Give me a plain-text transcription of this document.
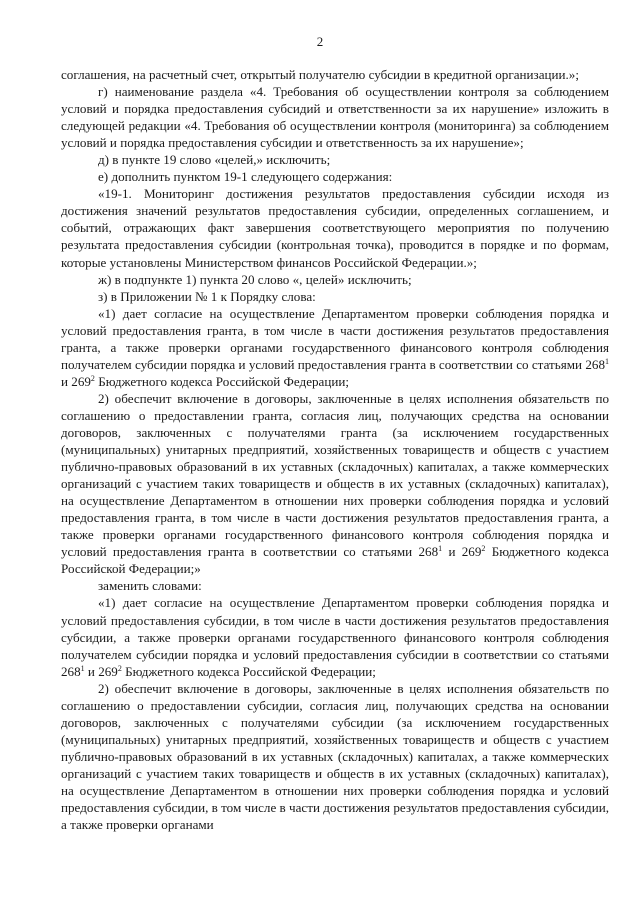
2

соглашения, на расчетный счет, открытый получателю субсидии в кредитной организации.»;

г) наименование раздела «4. Требования об осуществлении контроля за соблюдением условий и порядка предоставления субсидий и ответственности за их нарушение» изложить в следующей редакции «4. Требования об осуществлении контроля (мониторинга) за соблюдением условий и порядка предоставления субсидии и ответственность за их нарушение»;

д) в пункте 19 слово «целей,» исключить;

е) дополнить пунктом 19-1 следующего содержания:

«19-1. Мониторинг достижения результатов предоставления субсидии исходя из достижения значений результатов предоставления субсидии, определенных соглашением, и событий, отражающих факт завершения соответствующего мероприятия по получению результата предоставления субсидии (контрольная точка), проводится в порядке и по формам, которые установлены Министерством финансов Российской Федерации.»;

ж) в подпункте 1) пункта 20 слово «, целей» исключить;

з) в Приложении № 1 к Порядку слова:

«1) дает согласие на осуществление Департаментом проверки соблюдения порядка и условий предоставления гранта, в том числе в части достижения результатов предоставления гранта, а также проверки органами государственного финансового контроля соблюдения получателем субсидии порядка и условий предоставления гранта в соответствии со статьями $268^1$ и $269^2$ Бюджетного кодекса Российской Федерации;

2) обеспечит включение в договоры, заключенные в целях исполнения обязательств по соглашению о предоставлении гранта, согласия лиц, получающих средства на основании договоров, заключенных с получателями гранта (за исключением государственных (муниципальных) унитарных предприятий, хозяйственных товариществ и обществ с участием публично-правовых образований в их уставных (складочных) капиталах, а также коммерческих организаций с участием таких товариществ и обществ в их уставных (складочных) капиталах), на осуществление Департаментом в отношении них проверки соблюдения порядка и условий предоставления гранта, в том числе в части достижения результатов предоставления гранта, а также проверки органами государственного финансового контроля соблюдения порядка и условий предоставления гранта в соответствии со статьями $268^1$ и $269^2$ Бюджетного кодекса Российской Федерации;»

заменить словами:

«1) дает согласие на осуществление Департаментом проверки соблюдения порядка и условий предоставления субсидии, в том числе в части достижения результатов предоставления субсидии, а также проверки органами государственного финансового контроля соблюдения получателем субсидии порядка и условий предоставления субсидии в соответствии со статьями $268^1$ и $269^2$ Бюджетного кодекса Российской Федерации;

2) обеспечит включение в договоры, заключенные в целях исполнения обязательств по соглашению о предоставлении субсидии, согласия лиц, получающих средства на основании договоров, заключенных с получателями субсидии (за исключением государственных (муниципальных) унитарных предприятий, хозяйственных товариществ и обществ с участием публично-правовых образований в их уставных (складочных) капиталах, а также коммерческих организаций с участием таких товариществ и обществ в их уставных (складочных) капиталах), на осуществление Департаментом в отношении них проверки соблюдения порядка и условий предоставления субсидии, в том числе в части достижения результатов предоставления субсидии, а также проверки органами
